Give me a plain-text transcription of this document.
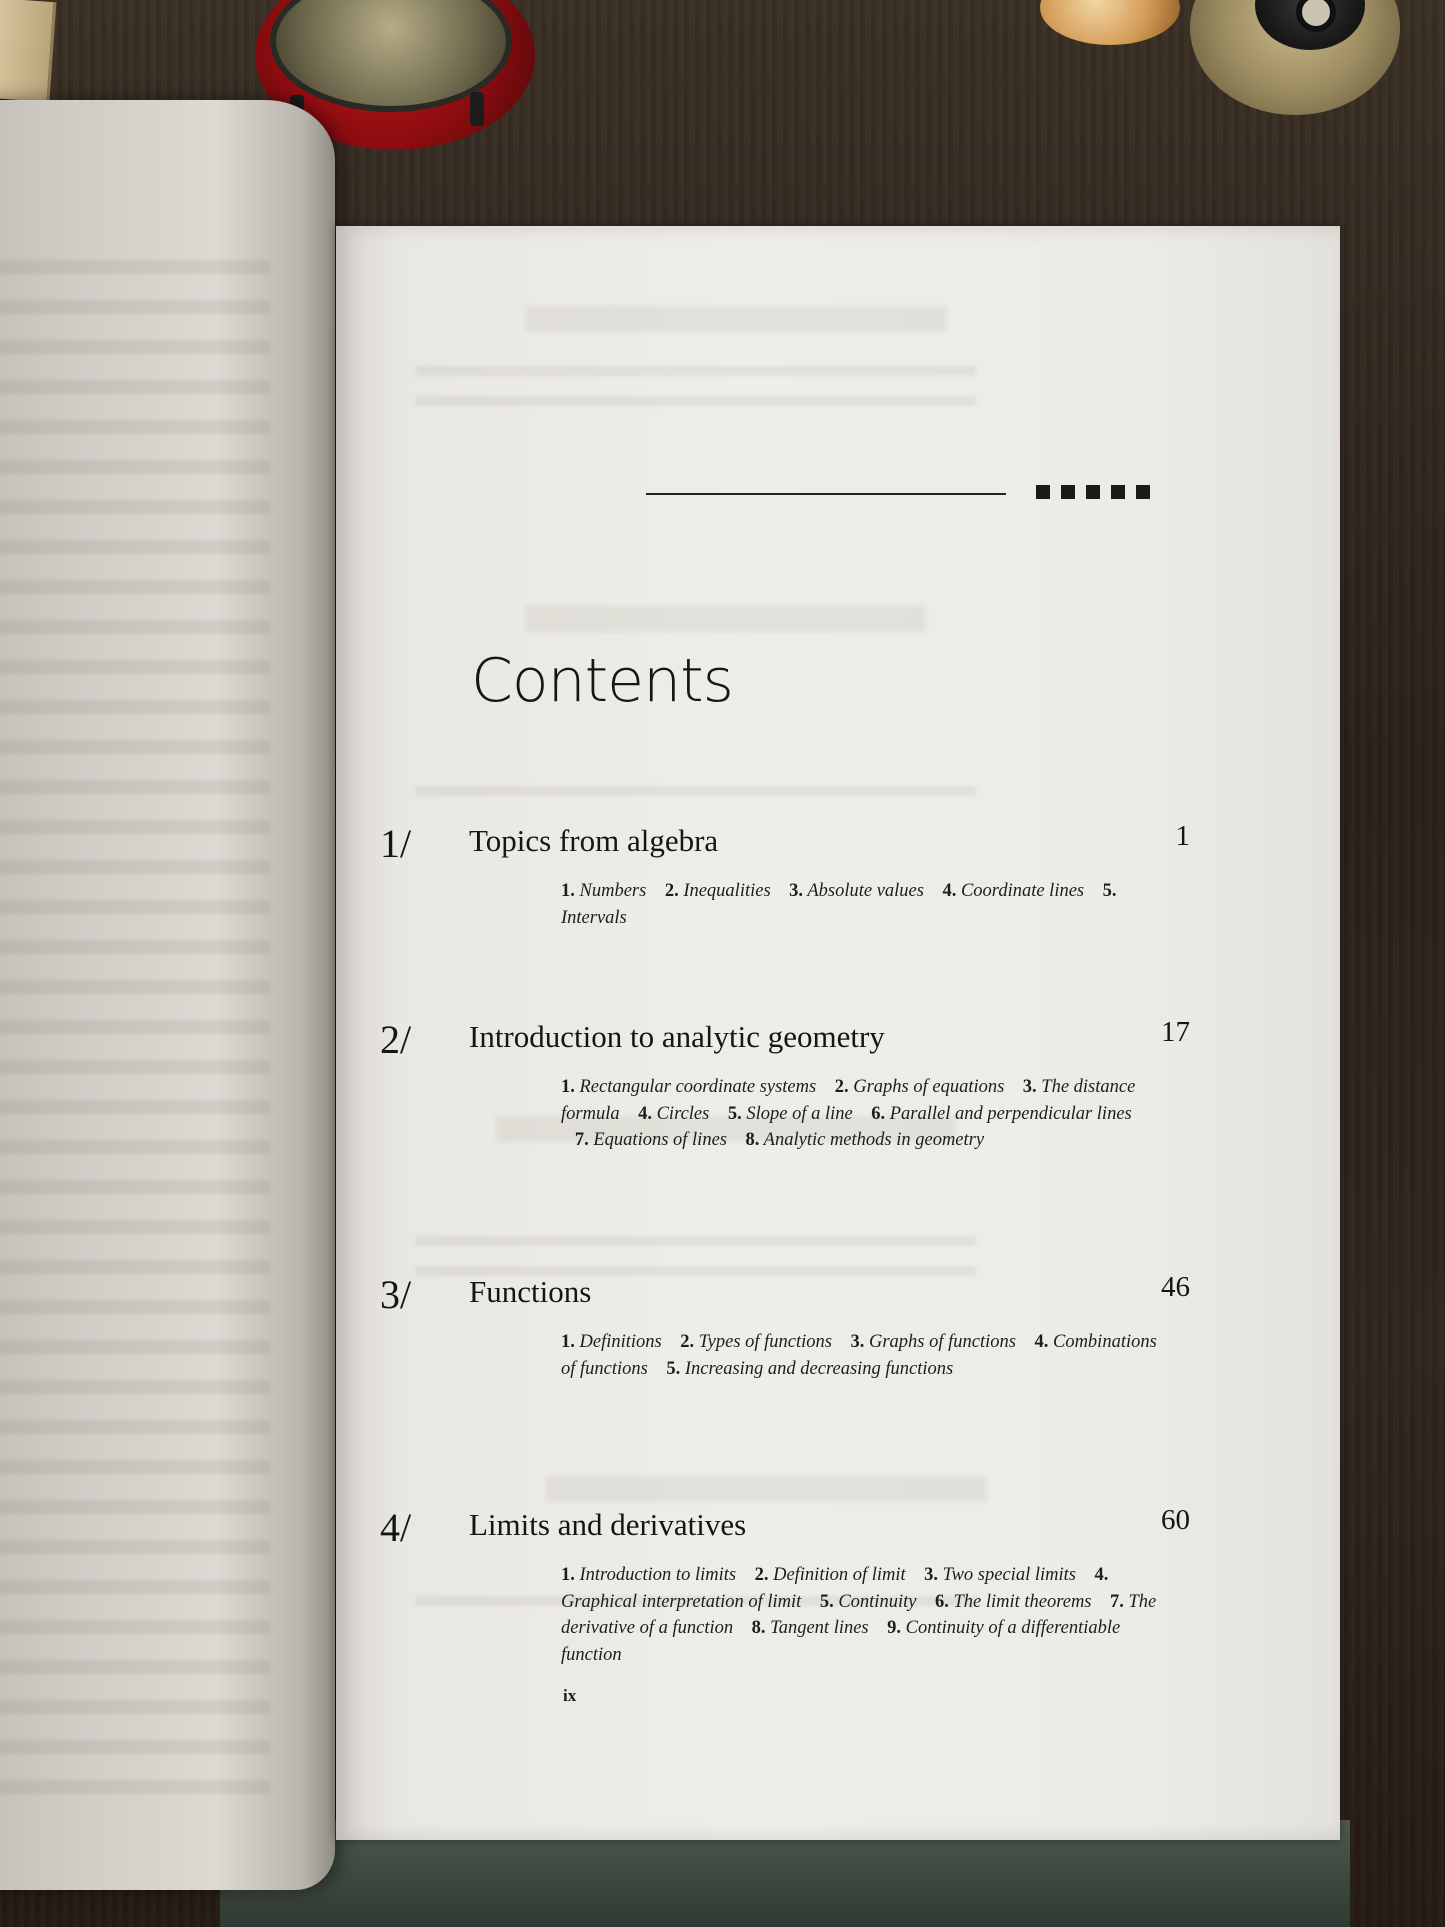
Contents
1/ Topics from algebra	1
1. Numbers 2. Inequalities 3. Absolute values 4. Coordinate lines 5. Intervals
2/ Introduction to analytic geometry	17
1. Rectangular coordinate systems 2. Graphs of equations 3. The distance formula 4. Circles 5. Slope of a line 6. Parallel and perpendicular lines 7. Equations of lines 8. Analytic methods in geometry
3/ Functions	46
1. Definitions 2. Types of functions 3. Graphs of functions 4. Combinations of functions 5. Increasing and decreasing functions
4/ Limits and derivatives	60
1. Introduction to limits 2. Definition of limit 3. Two special limits 4. Graphical interpretation of limit 5. Continuity 6. The limit theorems 7. The derivative of a function 8. Tangent lines 9. Continuity of a differentiable function
ix
